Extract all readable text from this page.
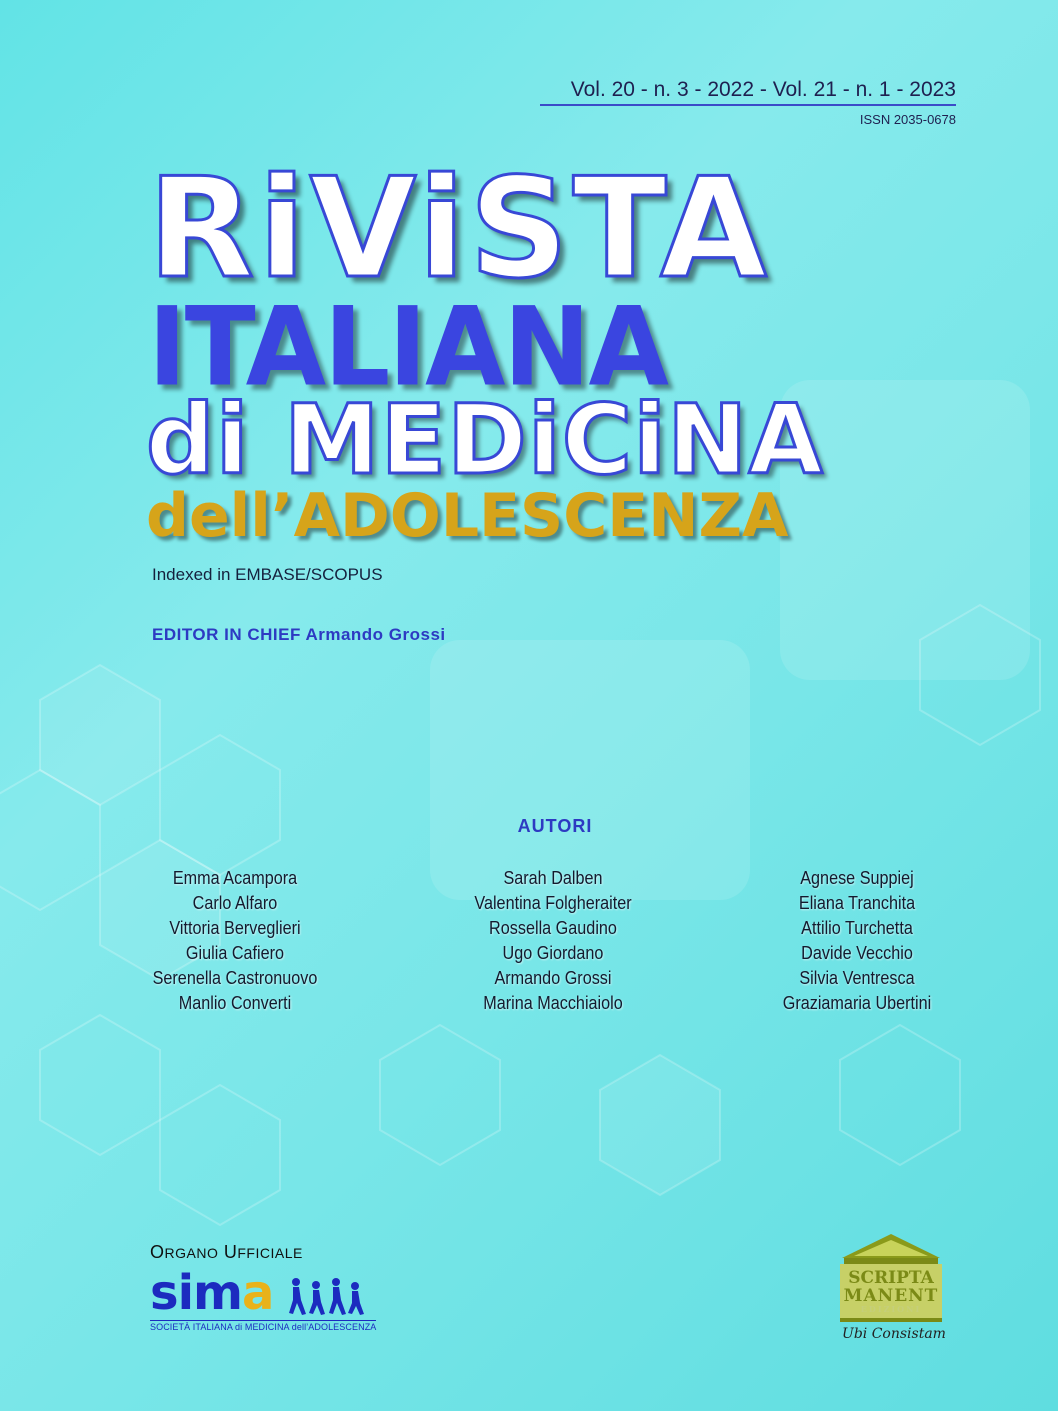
Vol. 20 - n. 3 - 2022 - Vol. 21 - n. 1 - 2023
ISSN 2035-0678
RiViSTA
ITALIANA
di MEDiCiNA
dell’ADOLESCENZA
Indexed in EMBASE/SCOPUS
EDITOR IN CHIEF Armando Grossi
AUTORI
Emma Acampora
Carlo Alfaro
Vittoria Berveglieri
Giulia Cafiero
Serenella Castronuovo
Manlio Converti
Sarah Dalben
Valentina Folgheraiter
Rossella Gaudino
Ugo Giordano
Armando Grossi
Marina Macchiaiolo
Agnese Suppiej
Eliana Tranchita
Attilio Turchetta
Davide Vecchio
Silvia Ventresca
Graziamaria Ubertini
ORGANO UFFICIALE
sima
SOCIETÀ ITALIANA di MEDICINA dell’ADOLESCENZA
SCRIPTA
MANENT
EDIZIONI
Ubi Consistam
